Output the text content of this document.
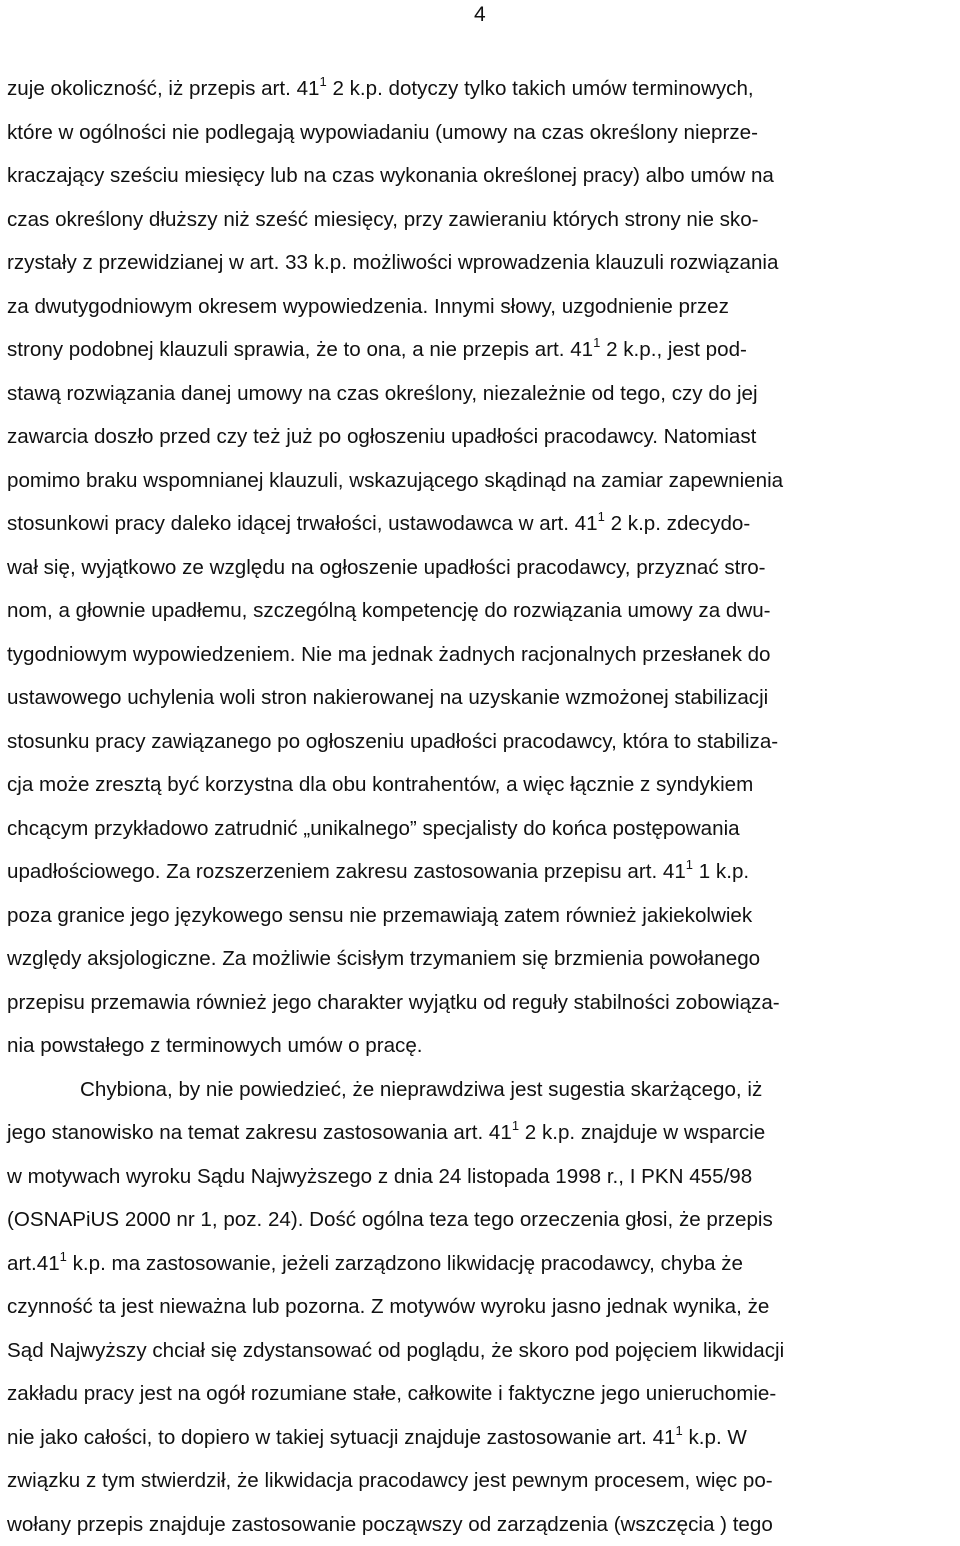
4
zuje okoliczność, iż przepis art. $41^1$ 2 k.p. dotyczy tylko takich umów terminowych,
które w ogólności nie podlegają wypowiadaniu (umowy na czas określony nieprze-
kraczający sześciu miesięcy lub na czas wykonania określonej pracy) albo umów na
czas określony dłuższy niż sześć miesięcy, przy zawieraniu których strony nie sko-
rzystały z przewidzianej w art. 33 k.p. możliwości wprowadzenia klauzuli rozwiązania
za dwutygodniowym okresem wypowiedzenia. Innymi słowy, uzgodnienie przez
strony podobnej klauzuli sprawia, że to ona, a nie przepis art. $41^1$ 2 k.p., jest pod-
stawą rozwiązania danej umowy na czas określony, niezależnie od tego, czy do jej
zawarcia doszło przed czy też już po ogłoszeniu upadłości pracodawcy. Natomiast
pomimo braku wspomnianej klauzuli, wskazującego skądinąd na zamiar zapewnienia
stosunkowi pracy daleko idącej trwałości, ustawodawca w art. $41^1$ 2 k.p. zdecydo-
wał się, wyjątkowo ze względu na ogłoszenie upadłości pracodawcy, przyznać stro-
nom, a głownie upadłemu, szczególną kompetencję do rozwiązania umowy za dwu-
tygodniowym wypowiedzeniem. Nie ma jednak żadnych racjonalnych przesłanek do
ustawowego uchylenia woli stron nakierowanej na uzyskanie wzmożonej stabilizacji
stosunku pracy zawiązanego po ogłoszeniu upadłości pracodawcy, która to stabiliza-
cja może zresztą być korzystna dla obu kontrahentów, a więc łącznie z syndykiem
chcącym przykładowo zatrudnić „unikalnego” specjalisty do końca postępowania
upadłościowego. Za rozszerzeniem zakresu zastosowania przepisu art. $41^1$ 1 k.p.
poza granice jego językowego sensu nie przemawiają zatem również jakiekolwiek
względy aksjologiczne. Za możliwie ścisłym trzymaniem się brzmienia powołanego
przepisu przemawia również jego charakter wyjątku od reguły stabilności zobowiąza-
nia powstałego z terminowych umów o pracę.
Chybiona, by nie powiedzieć, że nieprawdziwa jest sugestia skarżącego, iż
jego stanowisko na temat zakresu zastosowania art. $41^1$ 2 k.p. znajduje w wsparcie
w motywach wyroku Sądu Najwyższego z dnia 24 listopada 1998 r., I PKN 455/98
(OSNAPiUS 2000 nr 1, poz. 24). Dość ogólna teza tego orzeczenia głosi, że przepis
$art.41^1$ k.p. ma zastosowanie, jeżeli zarządzono likwidację pracodawcy, chyba że
czynność ta jest nieważna lub pozorna. Z motywów wyroku jasno jednak wynika, że
Sąd Najwyższy chciał się zdystansować od poglądu, że skoro pod pojęciem likwidacji
zakładu pracy jest na ogół rozumiane stałe, całkowite i faktyczne jego unieruchomie-
nie jako całości, to dopiero w takiej sytuacji znajduje zastosowanie art. $41^1$ k.p. W
związku z tym stwierdził, że likwidacja pracodawcy jest pewnym procesem, więc po-
wołany przepis znajduje zastosowanie począwszy od zarządzenia (wszczęcia ) tego
